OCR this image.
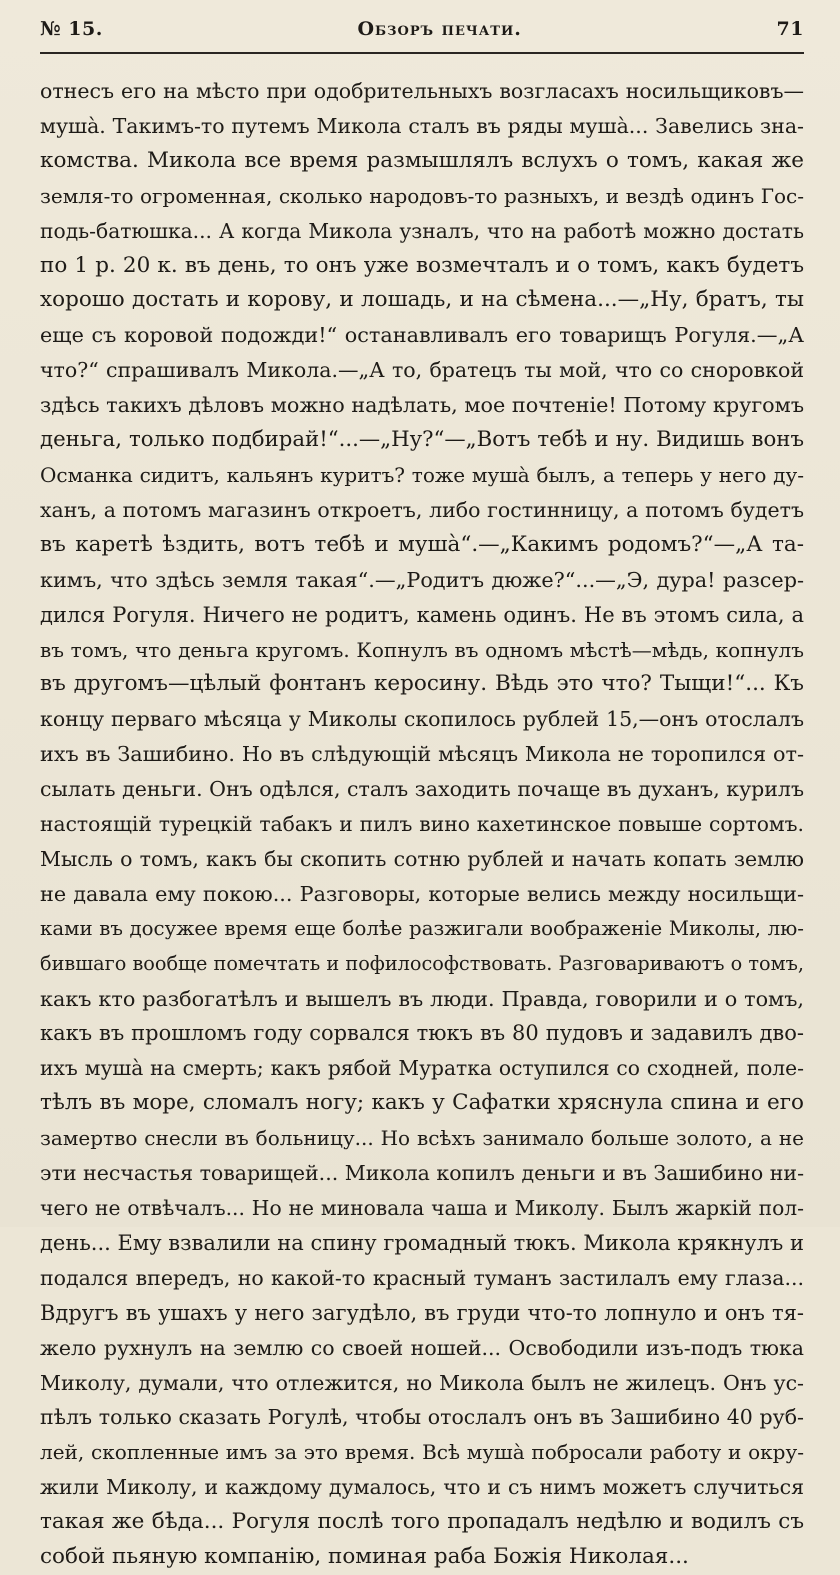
№ 15.	Обзоръ печати.	71
отнесъ его на мѣсто при одобрительныхъ возгласахъ носильщиковъ—
мушà. Такимъ-то путемъ Микола сталъ въ ряды мушà... Завелись зна-
комства. Микола все время размышлялъ вслухъ о томъ, какая же
земля-то огроменная, сколько народовъ-то разныхъ, и вездѣ одинъ Гос-
подь-батюшка... А когда Микола узналъ, что на работѣ можно достать
по 1 р. 20 к. въ день, то онъ уже возмечталъ и о томъ, какъ будетъ
хорошо достать и корову, и лошадь, и на сѣмена...—„Ну, братъ, ты
еще съ коровой подожди!“ останавливалъ его товарищъ Рогуля.—„А
что?“ спрашивалъ Микола.—„А то, братецъ ты мой, что со сноровкой
здѣсь такихъ дѣловъ можно надѣлать, мое почтеніе! Потому кругомъ
деньга, только подбирай!“...—„Ну?“—„Вотъ тебѣ и ну. Видишь вонъ
Османка сидитъ, кальянъ куритъ? тоже мушà былъ, а теперь у него ду-
ханъ, а потомъ магазинъ откроетъ, либо гостинницу, а потомъ будетъ
въ каретѣ ѣздить, вотъ тебѣ и мушà“.—„Какимъ родомъ?“—„А та-
кимъ, что здѣсь земля такая“.—„Родитъ дюже?“...—„Э, дура! разсер-
дился Рогуля. Ничего не родитъ, камень одинъ. Не въ этомъ сила, а
въ томъ, что деньга кругомъ. Копнулъ въ одномъ мѣстѣ—мѣдь, копнулъ
въ другомъ—цѣлый фонтанъ керосину. Вѣдь это что? Тыщи!“... Къ
концу перваго мѣсяца у Миколы скопилось рублей 15,—онъ отослалъ
ихъ въ Зашибино. Но въ слѣдующій мѣсяцъ Микола не торопился от-
сылать деньги. Онъ одѣлся, сталъ заходить почаще въ духанъ, курилъ
настоящій турецкій табакъ и пилъ вино кахетинское повыше сортомъ.
Мысль о томъ, какъ бы скопить сотню рублей и начать копать землю
не давала ему покою... Разговоры, которые велись между носильщи-
ками въ досужее время еще болѣе разжигали воображеніе Миколы, лю-
бившаго вообще помечтать и пофилософствовать. Разговариваютъ о томъ,
какъ кто разбогатѣлъ и вышелъ въ люди. Правда, говорили и о томъ,
какъ въ прошломъ году сорвался тюкъ въ 80 пудовъ и задавилъ дво-
ихъ мушà на смерть; какъ рябой Муратка оступился со сходней, поле-
тѣлъ въ море, сломалъ ногу; какъ у Сафатки хряснула спина и его
замертво снесли въ больницу... Но всѣхъ занимало больше золото, а не
эти несчастья товарищей... Микола копилъ деньги и въ Зашибино ни-
чего не отвѣчалъ... Но не миновала чаша и Миколу. Былъ жаркій пол-
день... Ему взвалили на спину громадный тюкъ. Микола крякнулъ и
подался впередъ, но какой-то красный туманъ застилалъ ему глаза...
Вдругъ въ ушахъ у него загудѣло, въ груди что-то лопнуло и онъ тя-
жело рухнулъ на землю со своей ношей... Освободили изъ-подъ тюка
Миколу, думали, что отлежится, но Микола былъ не жилецъ. Онъ ус-
пѣлъ только сказать Рогулѣ, чтобы отослалъ онъ въ Зашибино 40 руб-
лей, скопленные имъ за это время. Всѣ мушà побросали работу и окру-
жили Миколу, и каждому думалось, что и съ нимъ можетъ случиться
такая же бѣда... Рогуля послѣ того пропадалъ недѣлю и водилъ съ
собой пьяную компанію, поминая раба Божія Николая...
